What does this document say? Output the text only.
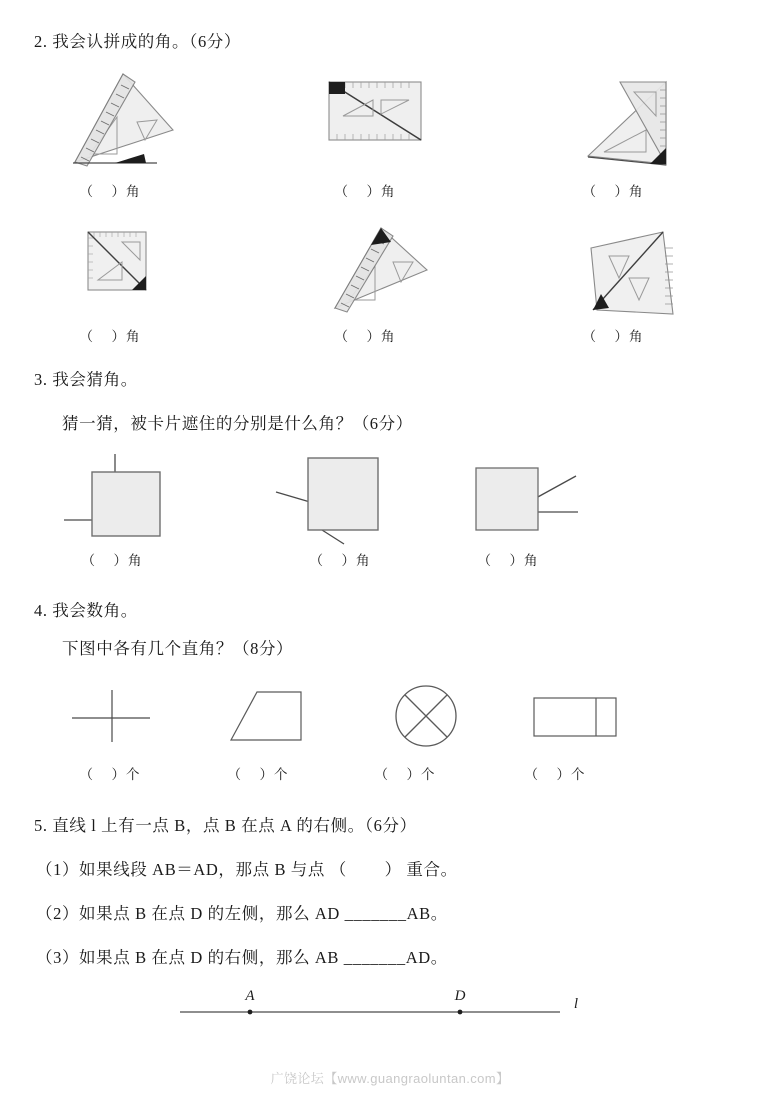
2. 我会认拼成的角。（6分）
（    ）角	（    ）角	（    ）角
（    ）角	（    ）角	（    ）角
3. 我会猜角。
猜一猜，被卡片遮住的分别是什么角？（6分）
（    ）角	（    ）角	（    ）角
4. 我会数角。
下图中各有几个直角？（8分）
（    ）个	（    ）个	（    ）个	（    ）个
5. 直线 l 上有一点 B，点 B 在点 A 的右侧。（6分）
（1）如果线段 AB＝AD，那点 B 与点 （        ） 重合。
（2）如果点 B 在点 D 的左侧，那么 AD _______AB。
（3）如果点 B 在点 D 的右侧，那么 AB _______AD。
A	D	l
广饶论坛【www.guangraoluntan.com】
